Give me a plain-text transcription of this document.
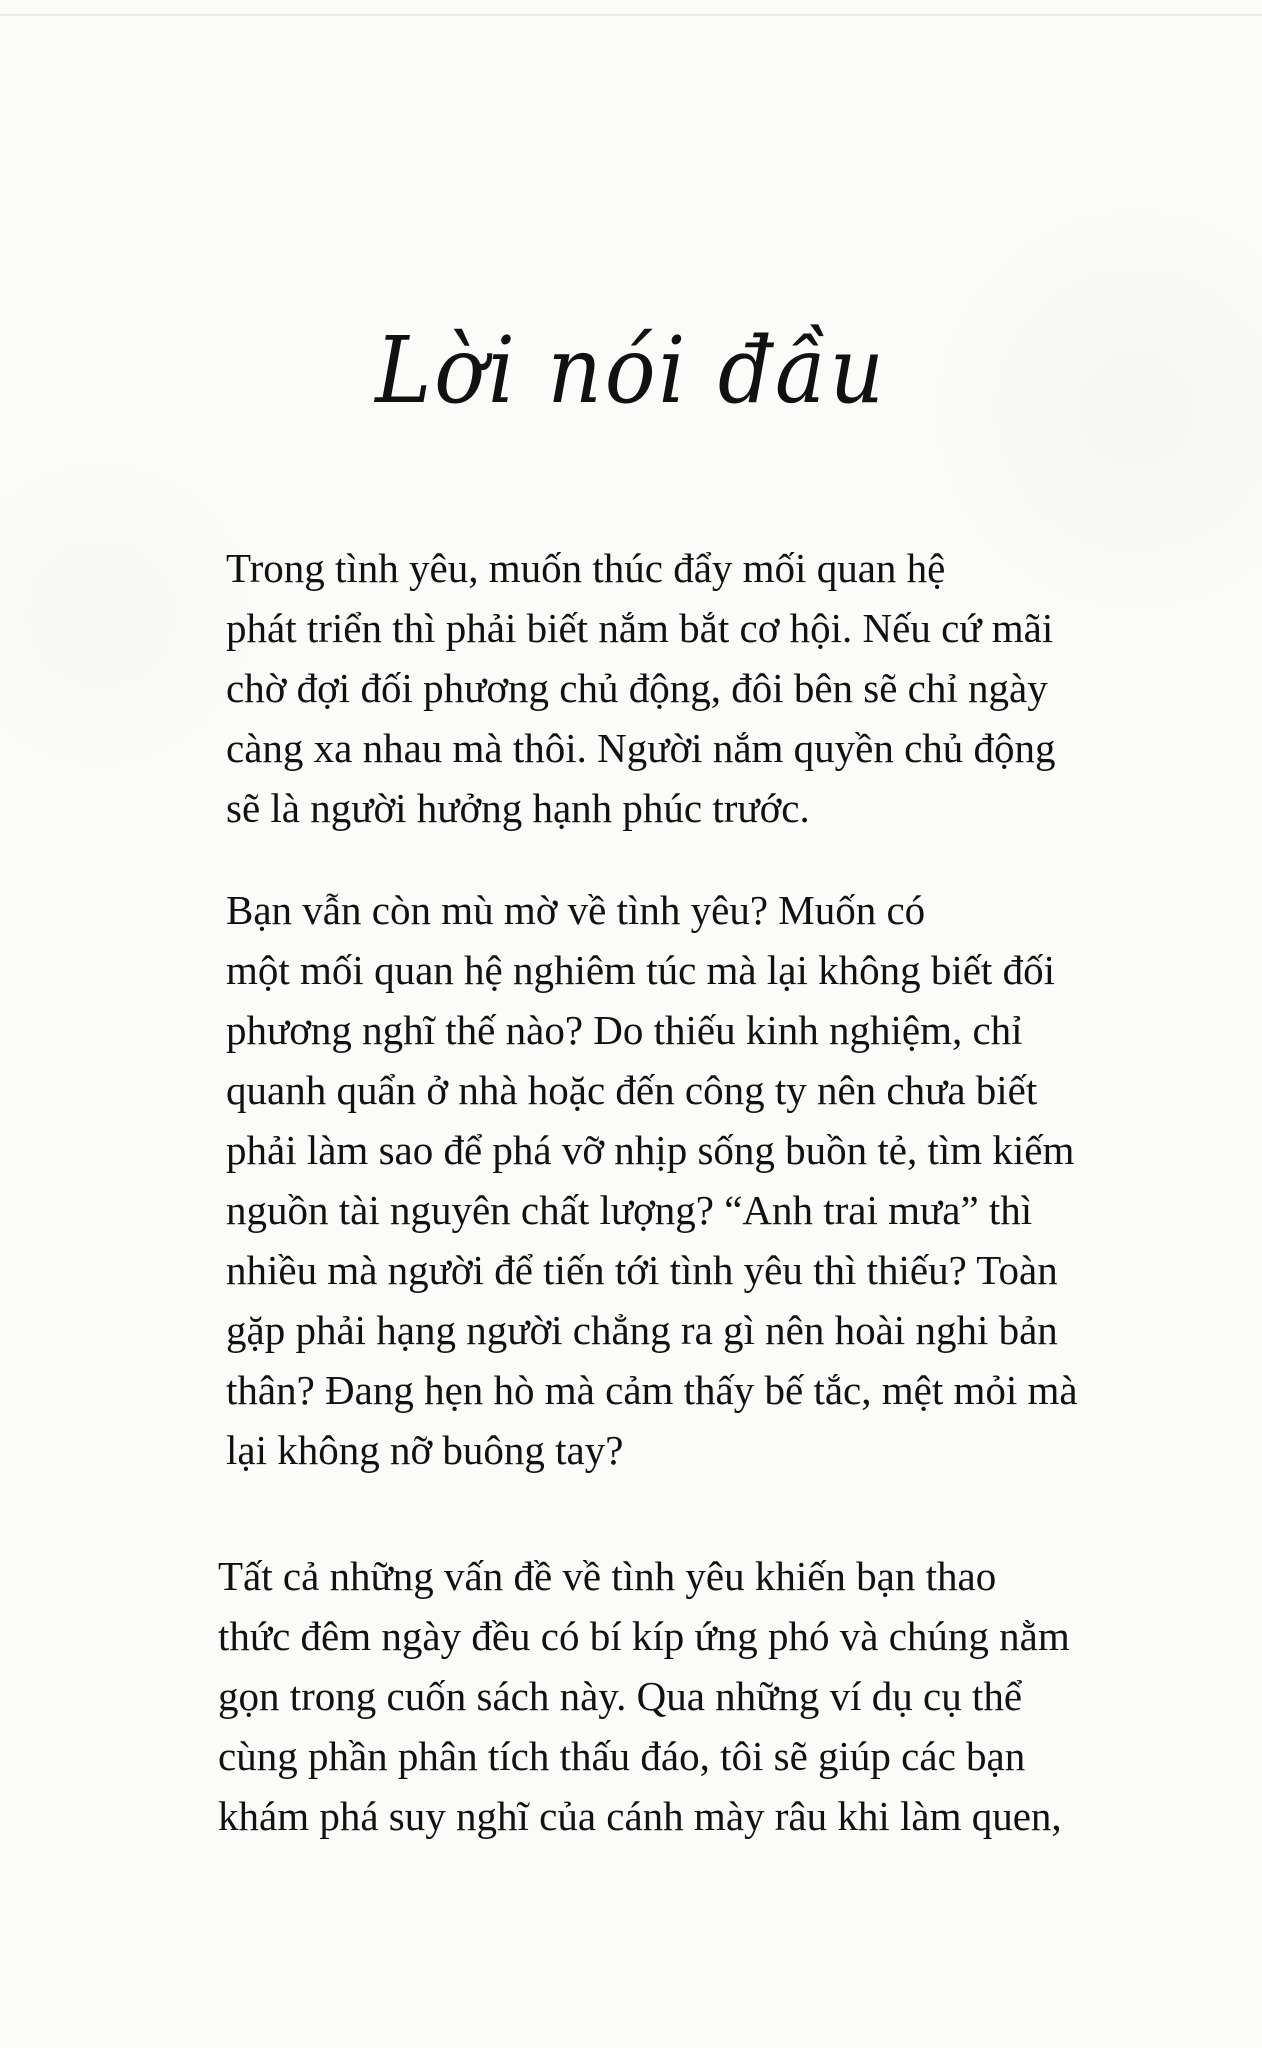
Lời nói đầu

Trong tình yêu, muốn thúc đẩy mối quan hệ
phát triển thì phải biết nắm bắt cơ hội. Nếu cứ mãi
chờ đợi đối phương chủ động, đôi bên sẽ chỉ ngày
càng xa nhau mà thôi. Người nắm quyền chủ động
sẽ là người hưởng hạnh phúc trước.

Bạn vẫn còn mù mờ về tình yêu? Muốn có
một mối quan hệ nghiêm túc mà lại không biết đối
phương nghĩ thế nào? Do thiếu kinh nghiệm, chỉ
quanh quẩn ở nhà hoặc đến công ty nên chưa biết
phải làm sao để phá vỡ nhịp sống buồn tẻ, tìm kiếm
nguồn tài nguyên chất lượng? “Anh trai mưa” thì
nhiều mà người để tiến tới tình yêu thì thiếu? Toàn
gặp phải hạng người chẳng ra gì nên hoài nghi bản
thân? Đang hẹn hò mà cảm thấy bế tắc, mệt mỏi mà
lại không nỡ buông tay?

Tất cả những vấn đề về tình yêu khiến bạn thao
thức đêm ngày đều có bí kíp ứng phó và chúng nằm
gọn trong cuốn sách này. Qua những ví dụ cụ thể
cùng phần phân tích thấu đáo, tôi sẽ giúp các bạn
khám phá suy nghĩ của cánh mày râu khi làm quen,
